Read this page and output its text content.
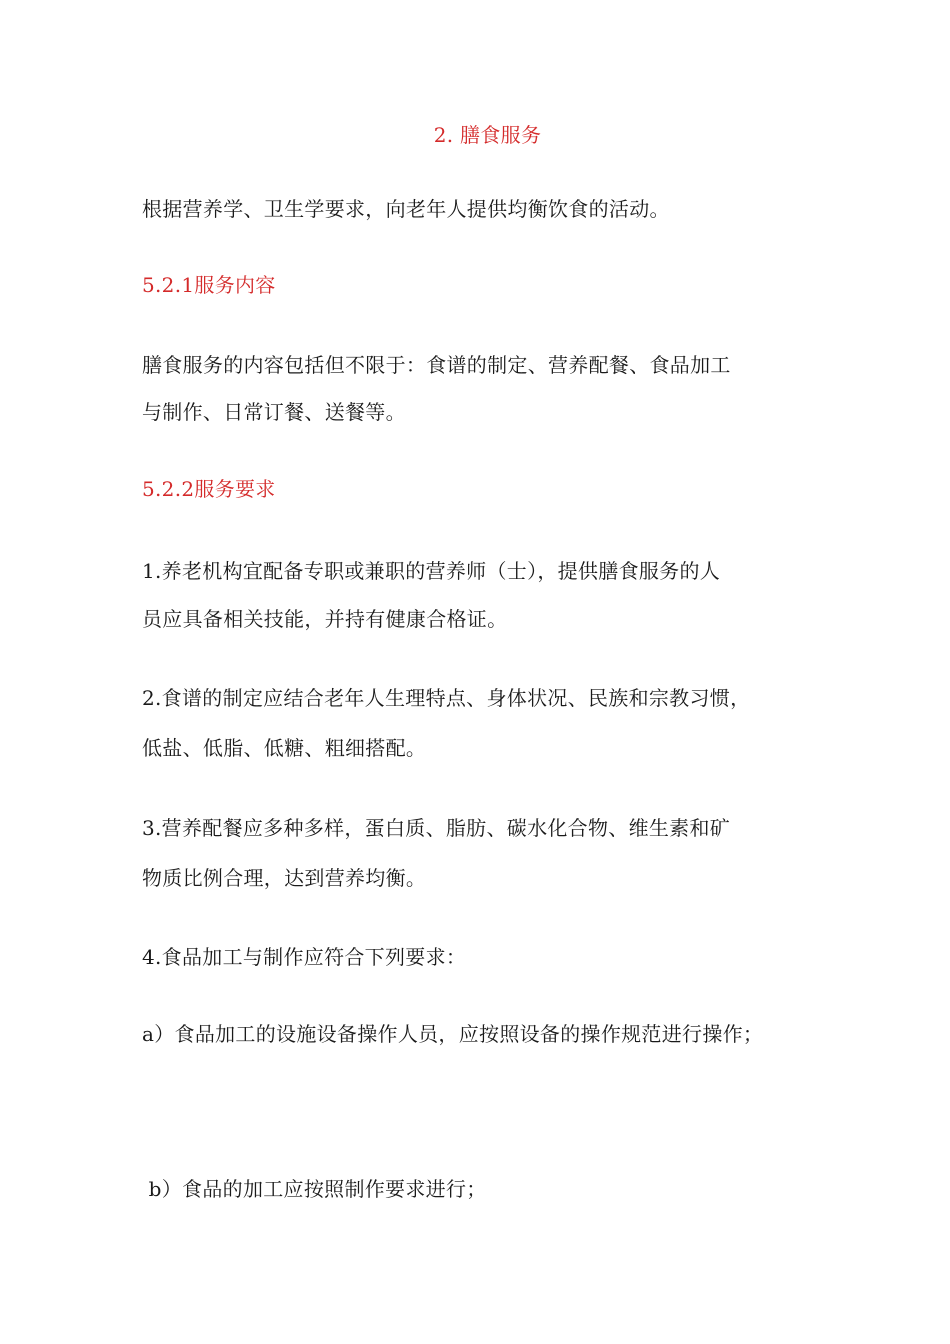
2. 膳食服务
根据营养学、卫生学要求，向老年人提供均衡饮食的活动。
5.2.1服务内容
膳食服务的内容包括但不限于：食谱的制定、营养配餐、食品加工
与制作、日常订餐、送餐等。
5.2.2服务要求
1.养老机构宜配备专职或兼职的营养师（士），提供膳食服务的人
员应具备相关技能，并持有健康合格证。
2.食谱的制定应结合老年人生理特点、身体状况、民族和宗教习惯，
低盐、低脂、低糖、粗细搭配。
3.营养配餐应多种多样，蛋白质、脂肪、碳水化合物、维生素和矿
物质比例合理，达到营养均衡。
4.食品加工与制作应符合下列要求：
a）食品加工的设施设备操作人员，应按照设备的操作规范进行操作；
b）食品的加工应按照制作要求进行；
